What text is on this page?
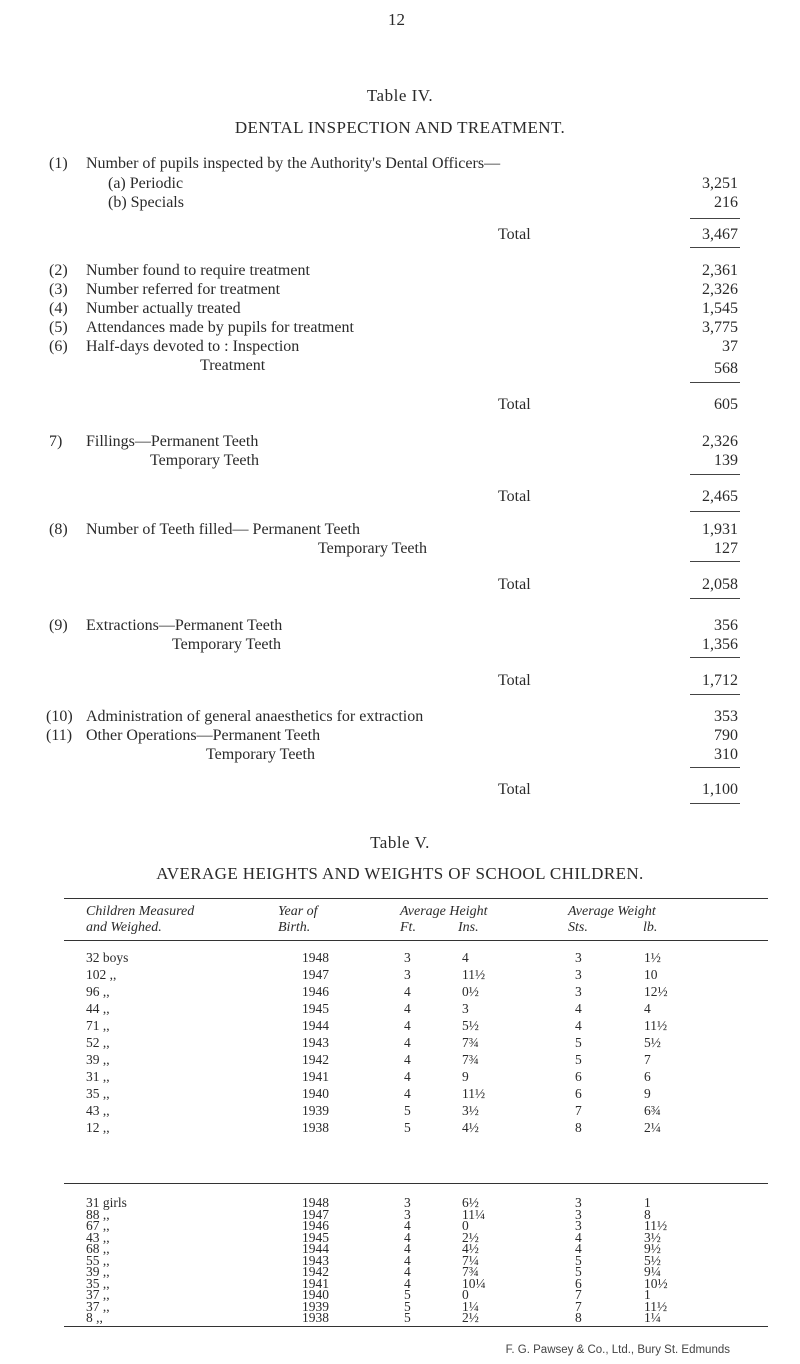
12
Table IV.
DENTAL INSPECTION AND TREATMENT.
(1) Number of pupils inspected by the Authority's Dental Officers—
(a) Periodic	3,251
(b) Specials	216
Total	3,467
(2) Number found to require treatment	2,361
(3) Number referred for treatment	2,326
(4) Number actually treated	1,545
(5) Attendances made by pupils for treatment	3,775
(6) Half-days devoted to : Inspection	37
Treatment	568
Total	605
7) Fillings—Permanent Teeth	2,326
Temporary Teeth	139
Total	2,465
(8) Number of Teeth filled— Permanent Teeth	1,931
Temporary Teeth	127
Total	2,058
(9) Extractions—Permanent Teeth	356
Temporary Teeth	1,356
Total	1,712
(10) Administration of general anaesthetics for extraction	353
(11) Other Operations—Permanent Teeth	790
Temporary Teeth	310
Total	1,100
Table V.
AVERAGE HEIGHTS AND WEIGHTS OF SCHOOL CHILDREN.
Children Measured
and Weighed.
Year of
Birth.
Average Height
Ft.	Ins.
Average Weight
Sts.	lb.
32 boys	1948	3	4	3	1½
102 ,,	1947	3	11½	3	10
96 ,,	1946	4	0½	3	12½
44 ,,	1945	4	3	4	4
71 ,,	1944	4	5½	4	11½
52 ,,	1943	4	7¾	5	5½
39 ,,	1942	4	7¾	5	7
31 ,,	1941	4	9	6	6
35 ,,	1940	4	11½	6	9
43 ,,	1939	5	3½	7	6¾
12 ,,	1938	5	4½	8	2¼
31 girls	1948	3	6½	3	1
88 ,,	1947	3	11¼	3	8
67 ,,	1946	4	0	3	11½
43 ,,	1945	4	2½	4	3½
68 ,,	1944	4	4½	4	9½
55 ,,	1943	4	7¼	5	5½
39 ,,	1942	4	7¾	5	9¼
35 ,,	1941	4	10¼	6	10½
37 ,,	1940	5	0	7	1
37 ,,	1939	5	1¼	7	11½
8 ,,	1938	5	2½	8	1¼
F. G. Pawsey & Co., Ltd., Bury St. Edmunds
